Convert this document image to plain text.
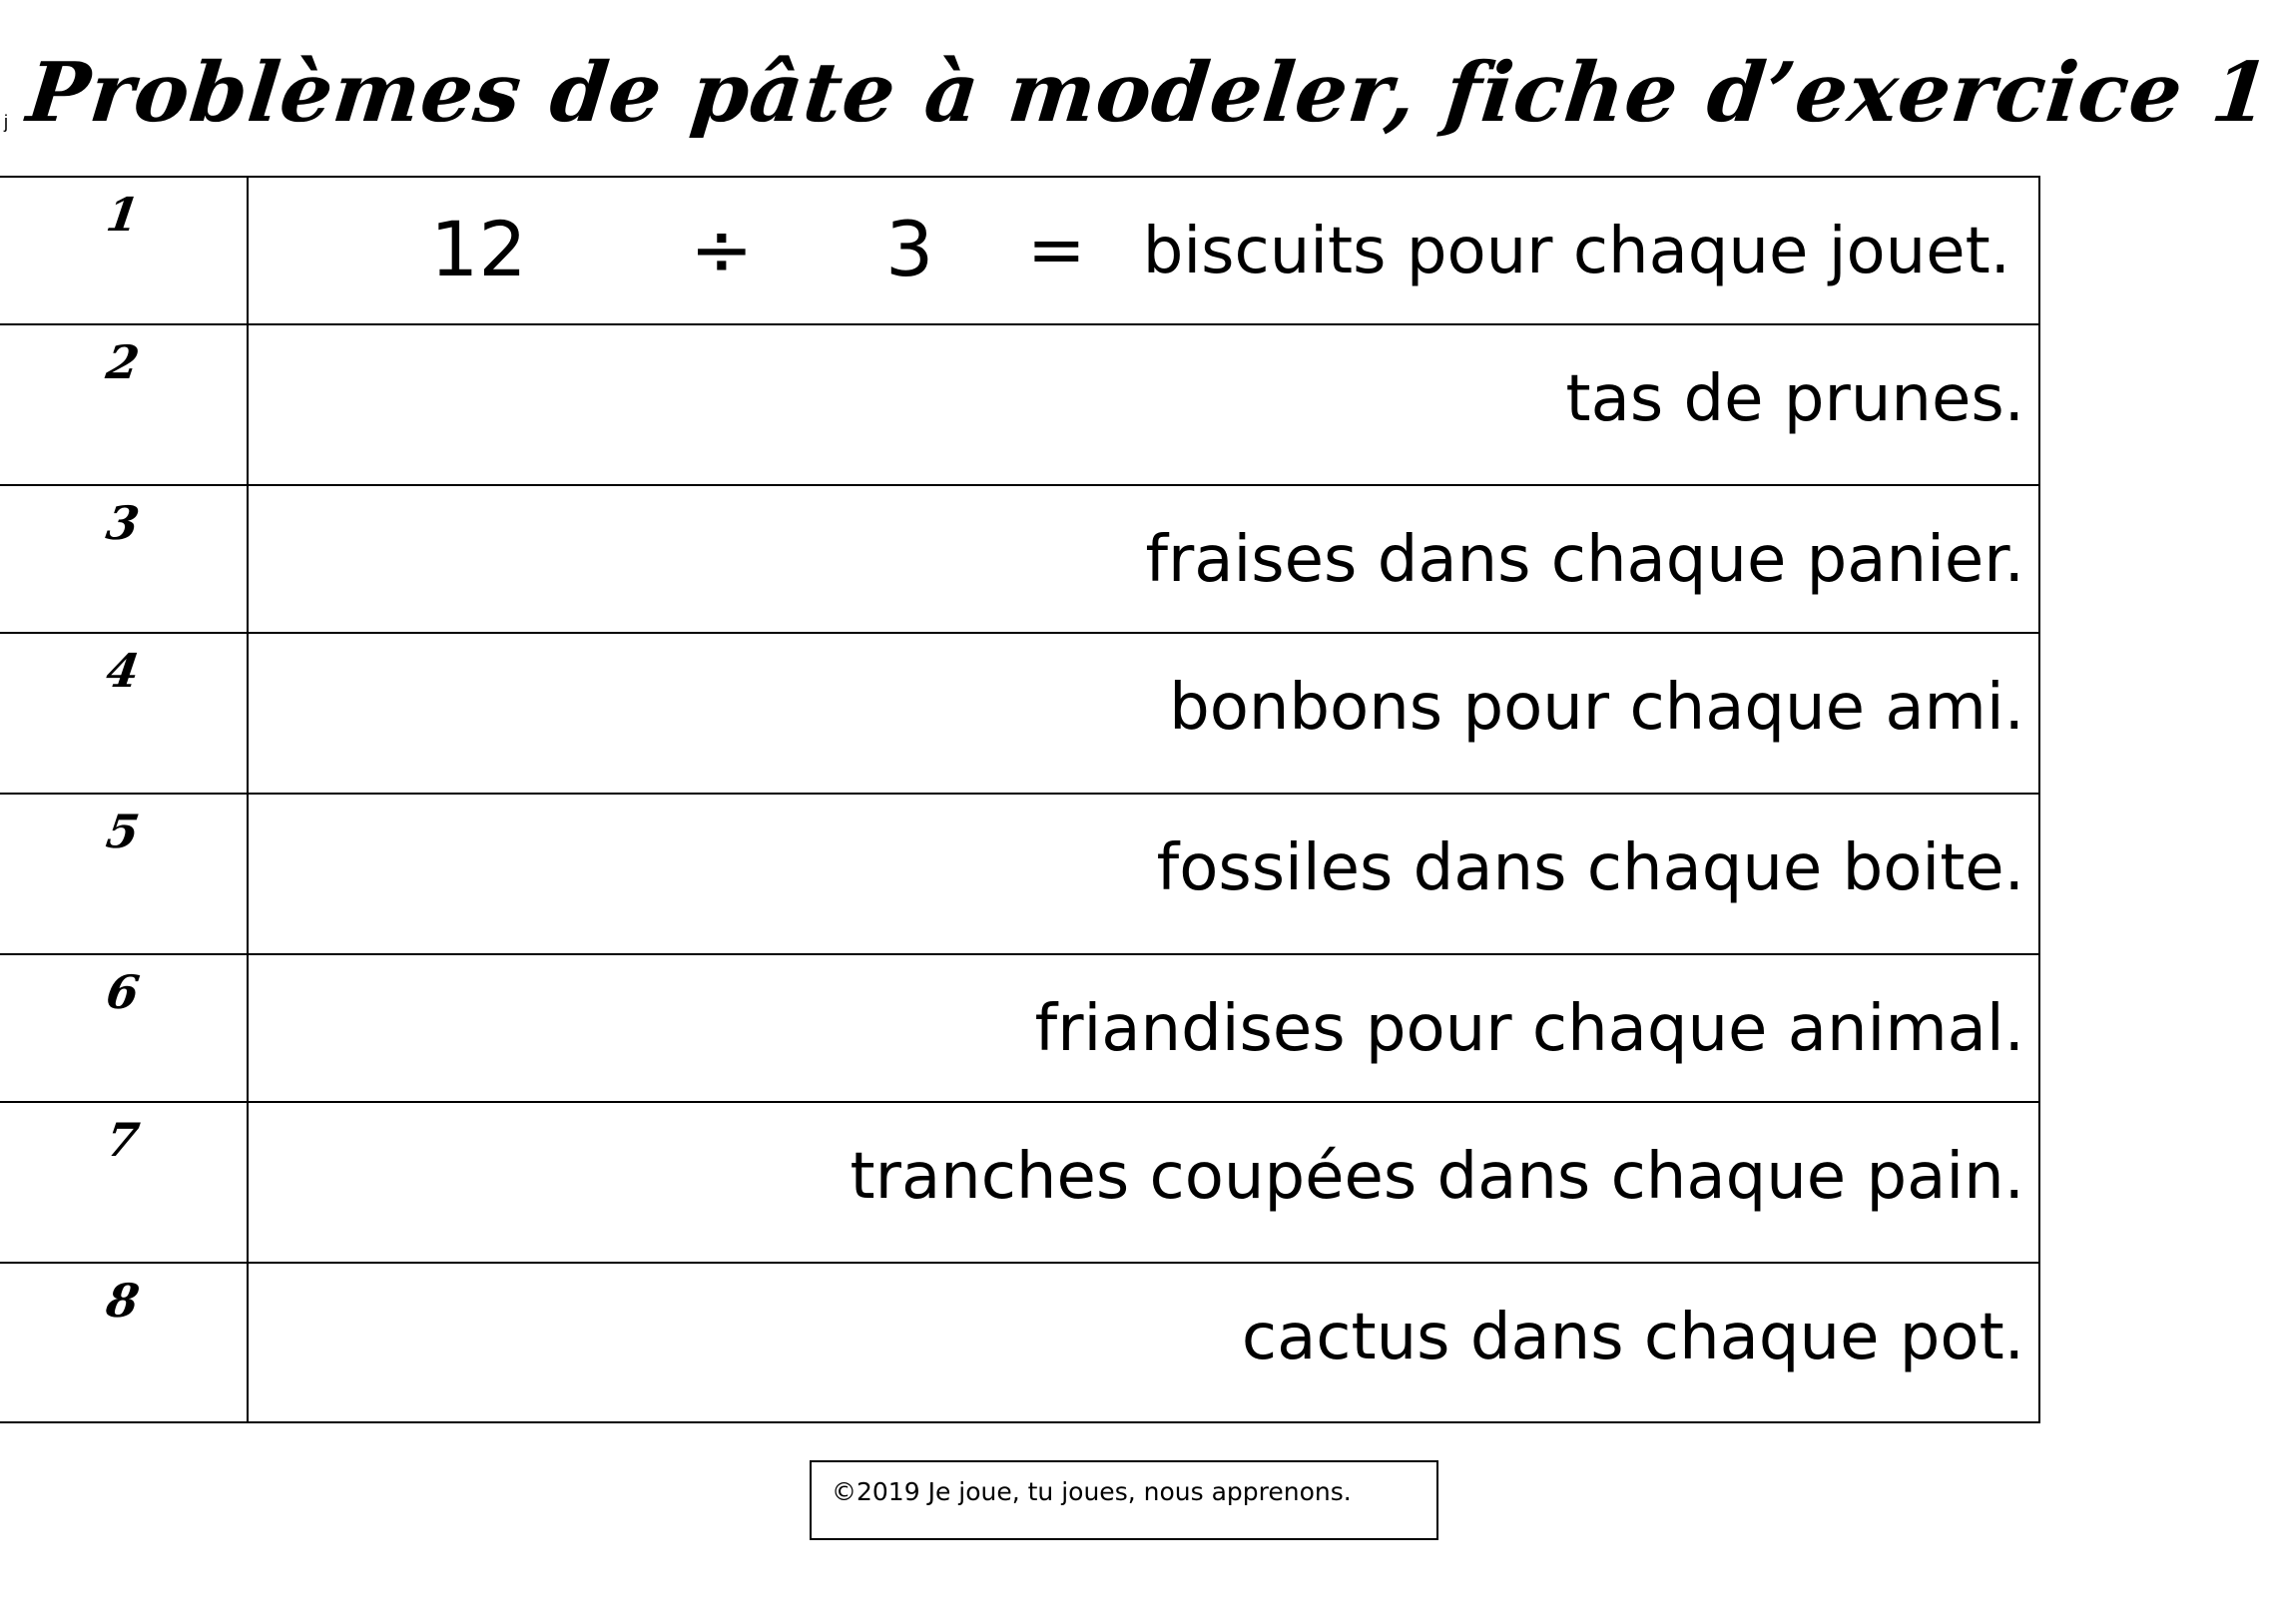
j Problèmes de pâte à modeler, fiche d’exercice 1
1	12 ÷ 3 = biscuits pour chaque jouet.
2	tas de prunes.
3	fraises dans chaque panier.
4	bonbons pour chaque ami.
5	fossiles dans chaque boite.
6	friandises pour chaque animal.
7	tranches coupées dans chaque pain.
8	cactus dans chaque pot.
©2019 Je joue, tu joues, nous apprenons.
